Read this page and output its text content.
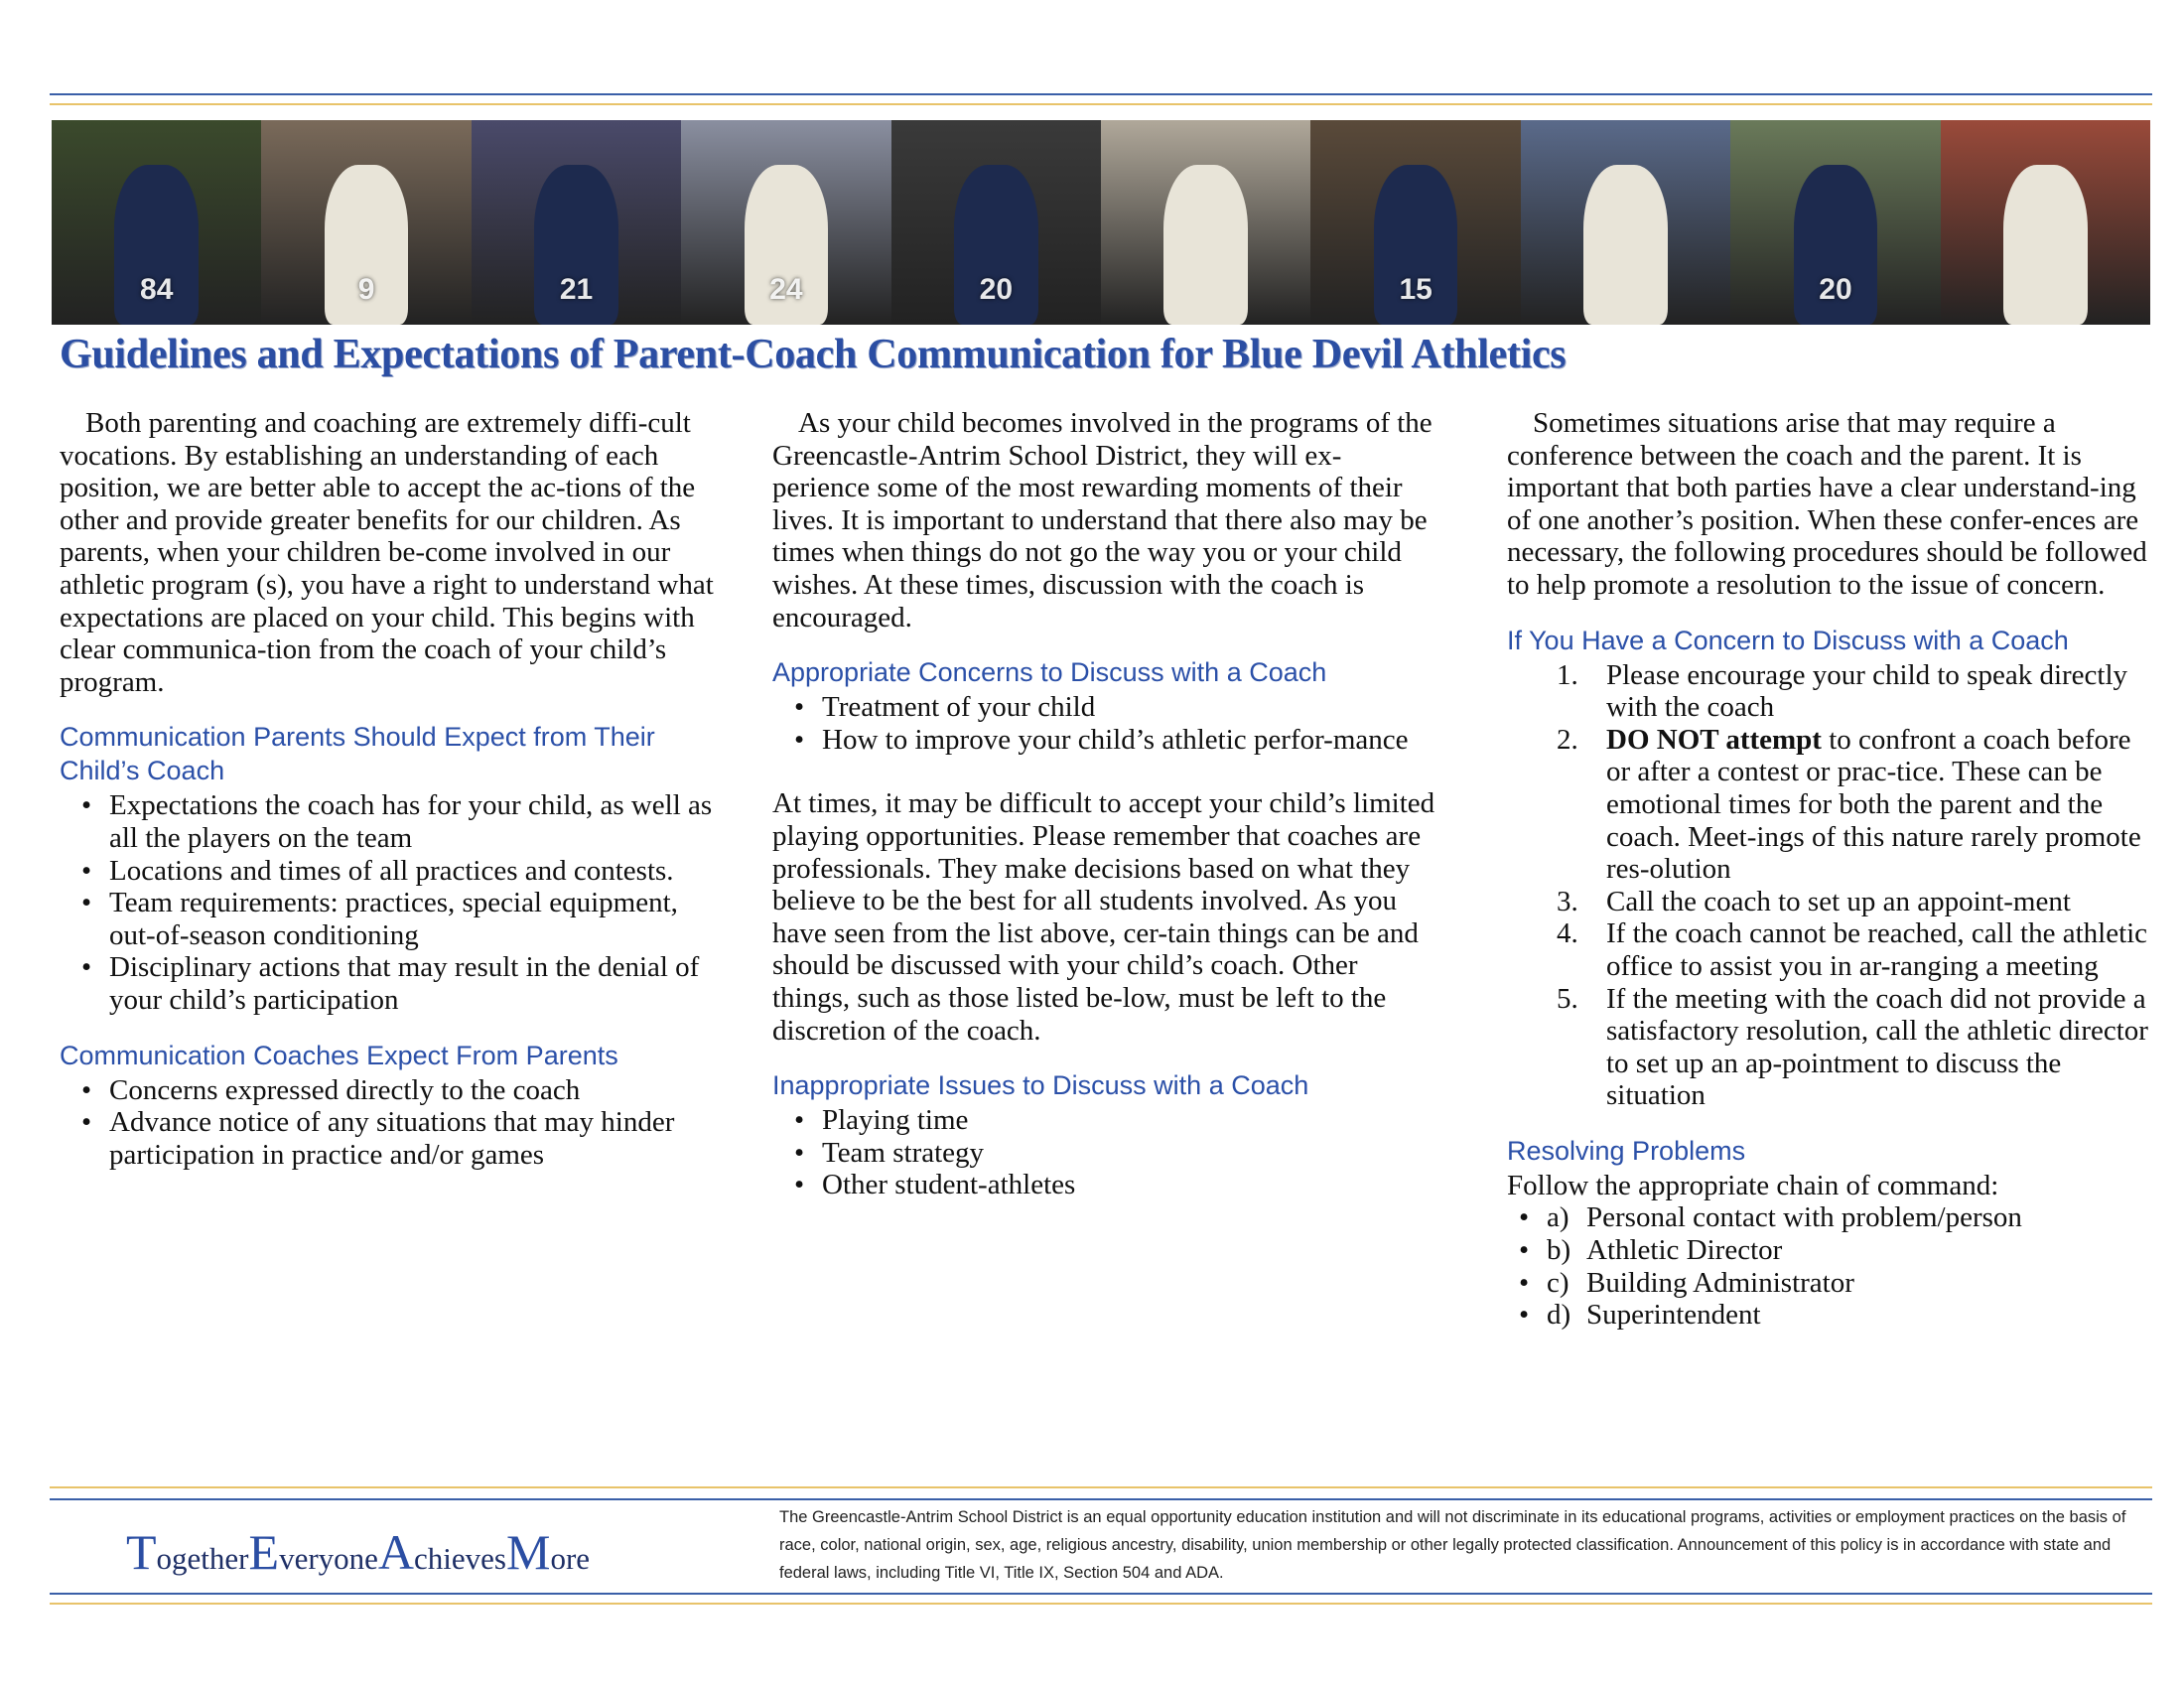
84	9	21	24	20	15	20
Guidelines and Expectations of Parent-Coach Communication for Blue Devil Athletics

Both parenting and coaching are extremely diffi-cult vocations. By establishing an understanding of each position, we are better able to accept the ac-tions of the other and provide greater benefits for our children. As parents, when your children be-come involved in our athletic program (s), you have a right to understand what expectations are placed on your child. This begins with clear communica-tion from the coach of your child’s program.

Communication Parents Should Expect from Their Child’s Coach
• Expectations the coach has for your child, as well as all the players on the team
• Locations and times of all practices and contests.
• Team requirements: practices, special equipment, out-of-season conditioning
• Disciplinary actions that may result in the denial of your child’s participation
Communication Coaches Expect From Parents
• Concerns expressed directly to the coach
• Advance notice of any situations that may hinder participation in practice and/or games

As your child becomes involved in the programs of the Greencastle-Antrim School District, they will ex-perience some of the most rewarding moments of their lives. It is important to understand that there also may be times when things do not go the way you or your child wishes. At these times, discussion with the coach is encouraged.

Appropriate Concerns to Discuss with a Coach
• Treatment of your child
• How to improve your child’s athletic perfor-mance

At times, it may be difficult to accept your child’s limited playing opportunities. Please remember that coaches are professionals. They make decisions based on what they believe to be the best for all students involved. As you have seen from the list above, cer-tain things can be and should be discussed with your child’s coach. Other things, such as those listed be-low, must be left to the discretion of the coach.

Inappropriate Issues to Discuss with a Coach
• Playing time
• Team strategy
• Other student-athletes

Sometimes situations arise that may require a conference between the coach and the parent. It is important that both parties have a clear understand-ing of one another’s position. When these confer-ences are necessary, the following procedures should be followed to help promote a resolution to the issue of concern.

If You Have a Concern to Discuss with a Coach
1. Please encourage your child to speak directly with the coach
2. DO NOT attempt to confront a coach before or after a contest or prac-tice. These can be emotional times for both the parent and the coach. Meet-ings of this nature rarely promote res-olution
3. Call the coach to set up an appoint-ment
4. If the coach cannot be reached, call the athletic office to assist you in ar-ranging a meeting
5. If the meeting with the coach did not provide a satisfactory resolution, call the athletic director to set up an ap-pointment to discuss the situation
Resolving Problems
Follow the appropriate chain of command:
• a) Personal contact with problem/person
• b) Athletic Director
• c) Building Administrator
• d) Superintendent
TogetherEveryoneAchievesMore
The Greencastle-Antrim School District is an equal opportunity education institution and will not discriminate in its educational programs, activities or employment practices on the basis of race, color, national origin, sex, age, religious ancestry, disability, union membership or other legally protected classification. Announcement of this policy is in accordance with state and federal laws, including Title VI, Title IX, Section 504 and ADA.
